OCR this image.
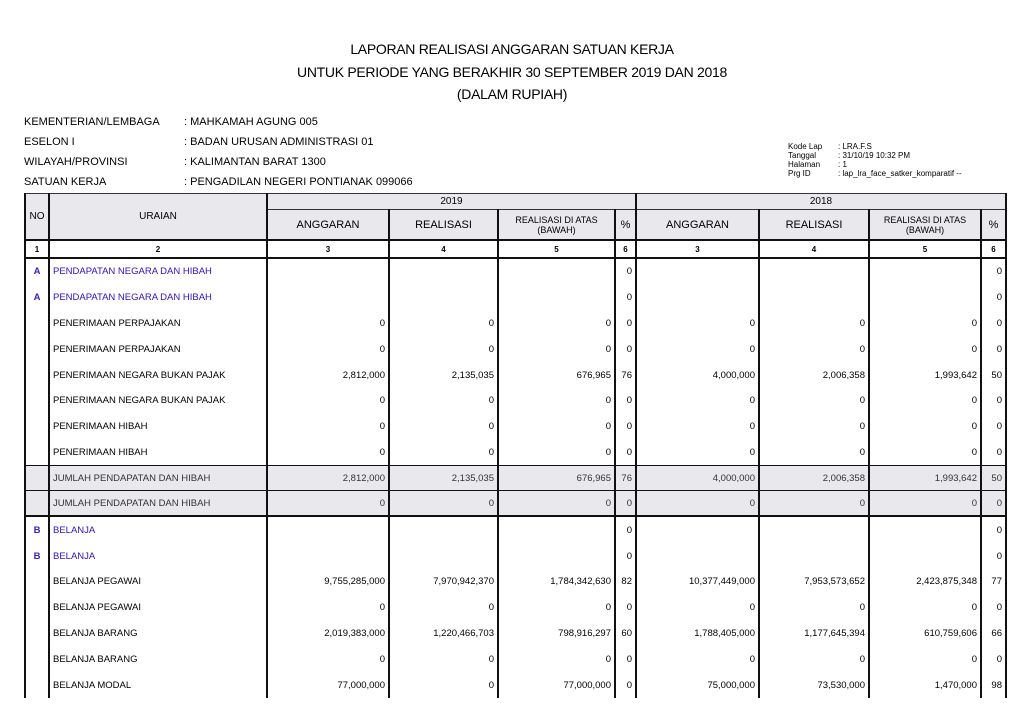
LAPORAN REALISASI ANGGARAN SATUAN KERJA
UNTUK PERIODE YANG BERAKHIR 30 SEPTEMBER 2019 DAN 2018
(DALAM RUPIAH)
KEMENTERIAN/LEMBAGA	: MAHKAMAH AGUNG 005
ESELON I	: BADAN URUSAN ADMINISTRASI 01
WILAYAH/PROVINSI	: KALIMANTAN BARAT 1300
SATUAN KERJA	: PENGADILAN NEGERI PONTIANAK 099066
Kode Lap	: LRA.F.S
Tanggal	: 31/10/19 10:32 PM
Halaman	: 1
Prg ID	: lap_lra_face_satker_komparatif --
NO	URAIAN	2019				2018			
		ANGGARAN	REALISASI	REALISASI DI ATAS (BAWAH)	%	ANGGARAN	REALISASI	REALISASI DI ATAS (BAWAH)	%
1	2	3	4	5	6	3	4	5	6
A	PENDAPATAN NEGARA DAN HIBAH				0				0
A	PENDAPATAN NEGARA DAN HIBAH				0				0
	PENERIMAAN PERPAJAKAN	0	0	0	0	0	0	0	0
	PENERIMAAN PERPAJAKAN	0	0	0	0	0	0	0	0
	PENERIMAAN NEGARA BUKAN PAJAK	2,812,000	2,135,035	676,965	76	4,000,000	2,006,358	1,993,642	50
	PENERIMAAN NEGARA BUKAN PAJAK	0	0	0	0	0	0	0	0
	PENERIMAAN HIBAH	0	0	0	0	0	0	0	0
	PENERIMAAN HIBAH	0	0	0	0	0	0	0	0
	JUMLAH PENDAPATAN DAN HIBAH	2,812,000	2,135,035	676,965	76	4,000,000	2,006,358	1,993,642	50
	JUMLAH PENDAPATAN DAN HIBAH	0	0	0	0	0	0	0	0
B	BELANJA				0				0
B	BELANJA				0				0
	BELANJA PEGAWAI	9,755,285,000	7,970,942,370	1,784,342,630	82	10,377,449,000	7,953,573,652	2,423,875,348	77
	BELANJA PEGAWAI	0	0	0	0	0	0	0	0
	BELANJA BARANG	2,019,383,000	1,220,466,703	798,916,297	60	1,788,405,000	1,177,645,394	610,759,606	66
	BELANJA BARANG	0	0	0	0	0	0	0	0
	BELANJA MODAL	77,000,000	0	77,000,000	0	75,000,000	73,530,000	1,470,000	98
